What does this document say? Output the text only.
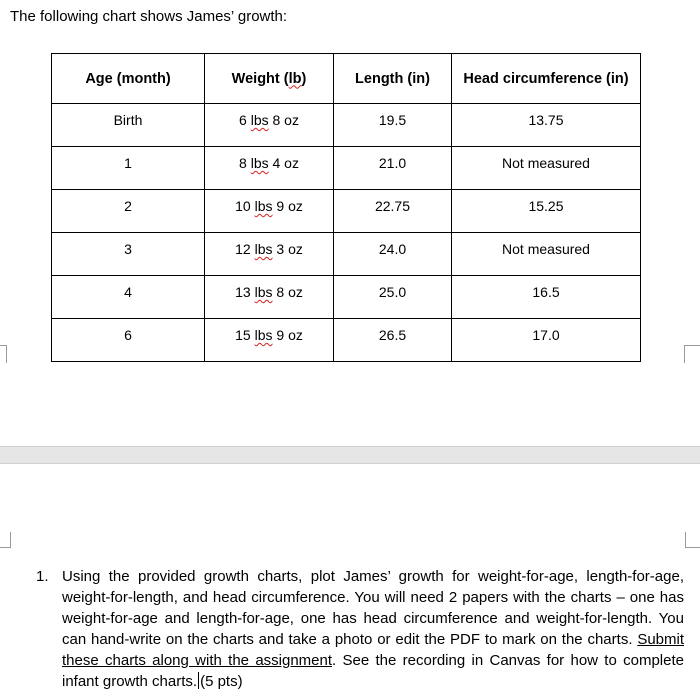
The following chart shows James’ growth:

Age (month)	Weight (lb)	Length (in)	Head circumference (in)
Birth	6 lbs 8 oz	19.5	13.75
1	8 lbs 4 oz	21.0	Not measured
2	10 lbs 9 oz	22.75	15.25
3	12 lbs 3 oz	24.0	Not measured
4	13 lbs 8 oz	25.0	16.5
6	15 lbs 9 oz	26.5	17.0
1. Using the provided growth charts, plot James’ growth for weight-for-age, length-for-age, weight-for-length, and head circumference. You will need 2 papers with the charts – one has weight-for-age and length-for-age, one has head circumference and weight-for-length. You can hand-write on the charts and take a photo or edit the PDF to mark on the charts. Submit these charts along with the assignment. See the recording in Canvas for how to complete infant growth charts. (5 pts)
